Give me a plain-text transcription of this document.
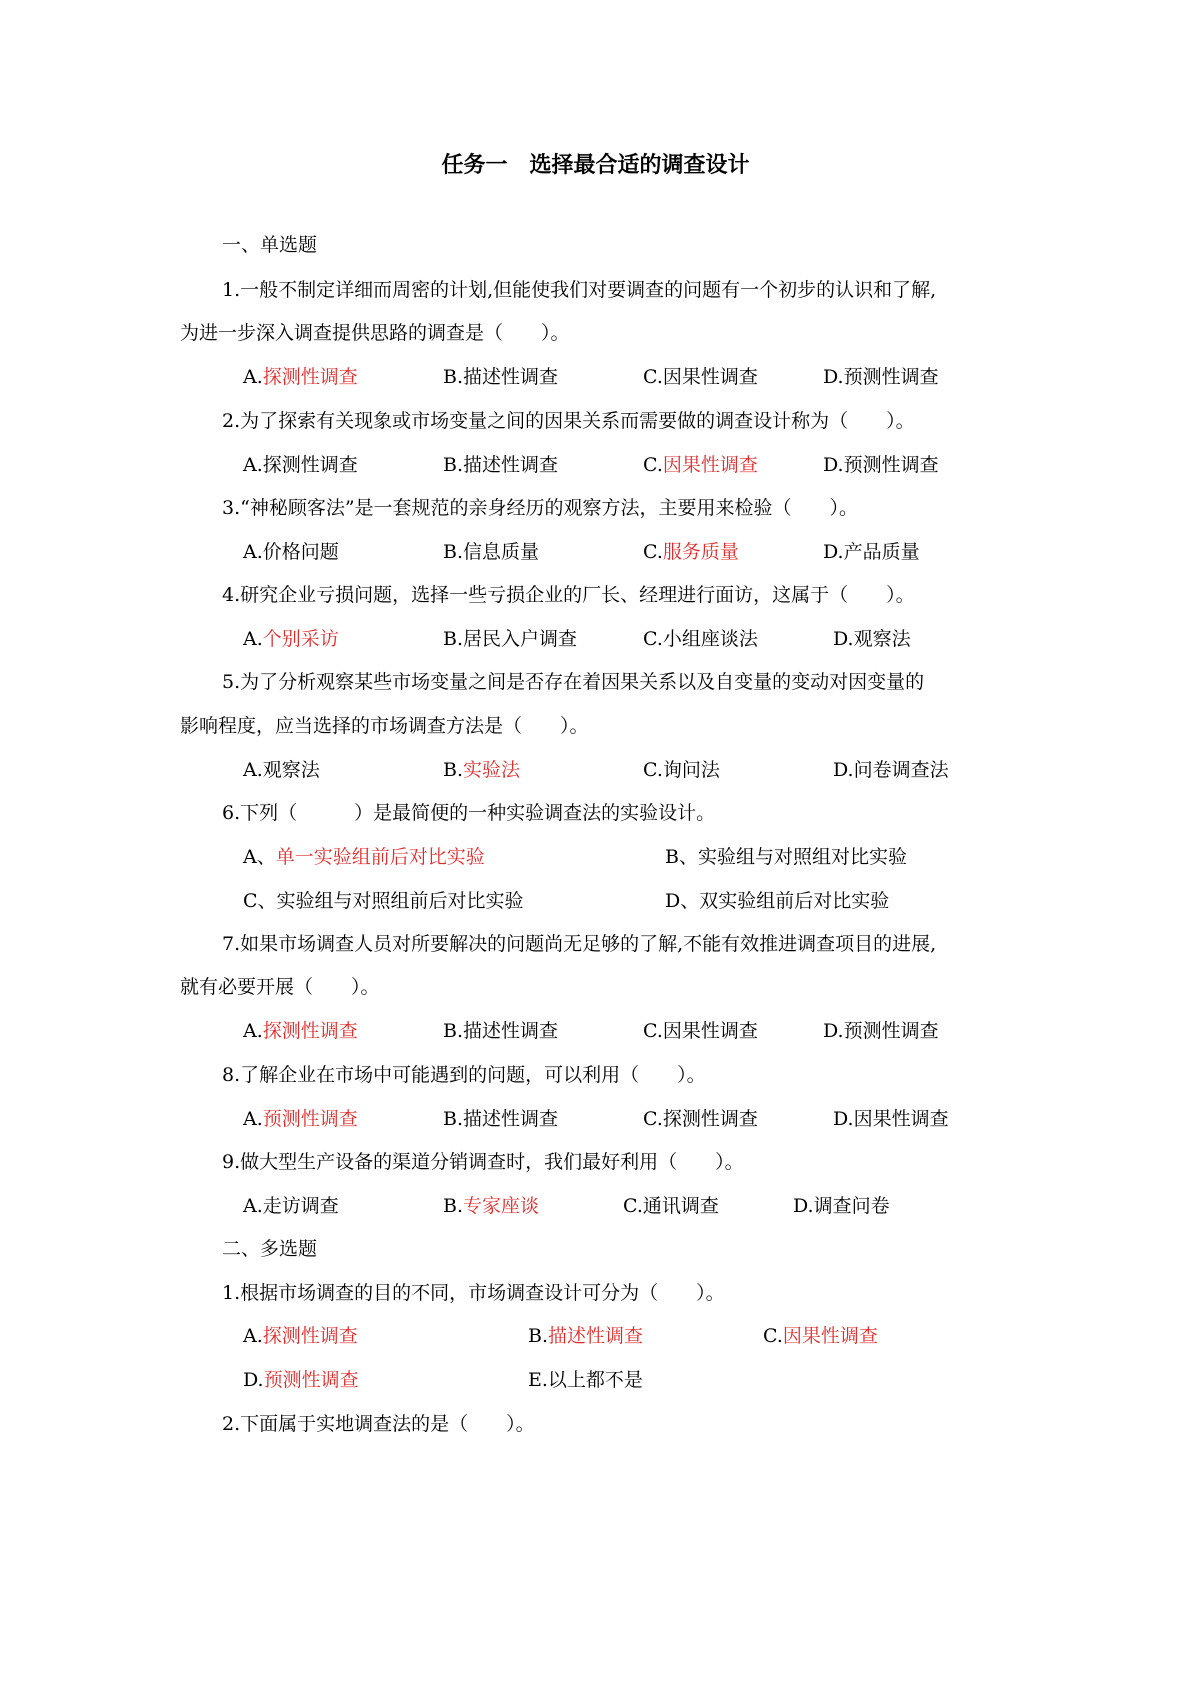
任务一　选择最合适的调查设计
一、单选题
1.一般不制定详细而周密的计划,但能使我们对要调查的问题有一个初步的认识和了解,
为进一步深入调查提供思路的调查是（　　）。
A.探测性调查	B.描述性调查	C.因果性调查	D.预测性调查
2.为了探索有关现象或市场变量之间的因果关系而需要做的调查设计称为（　　）。
A.探测性调查	B.描述性调查	C.因果性调查	D.预测性调查
3.“神秘顾客法”是一套规范的亲身经历的观察方法，主要用来检验（　　）。
A.价格问题	B.信息质量	C.服务质量	D.产品质量
4.研究企业亏损问题，选择一些亏损企业的厂长、经理进行面访，这属于（　　）。
A.个别采访	B.居民入户调查	C.小组座谈法	D.观察法
5.为了分析观察某些市场变量之间是否存在着因果关系以及自变量的变动对因变量的
影响程度，应当选择的市场调查方法是（　　）。
A.观察法	B.实验法	C.询问法	D.问卷调查法
6.下列（　　　）是最简便的一种实验调查法的实验设计。
A、单一实验组前后对比实验	B、实验组与对照组对比实验
C、实验组与对照组前后对比实验	D、双实验组前后对比实验
7.如果市场调查人员对所要解决的问题尚无足够的了解,不能有效推进调查项目的进展,
就有必要开展（　　）。
A.探测性调查	B.描述性调查	C.因果性调查	D.预测性调查
8.了解企业在市场中可能遇到的问题，可以利用（　　）。
A.预测性调查	B.描述性调查	C.探测性调查	D.因果性调查
9.做大型生产设备的渠道分销调查时，我们最好利用（　　）。
A.走访调查	B.专家座谈	C.通讯调查	D.调查问卷
二、多选题
1.根据市场调查的目的不同，市场调查设计可分为（　　）。
A.探测性调查	B.描述性调查	C.因果性调查
D.预测性调查	E.以上都不是
2.下面属于实地调查法的是（　　）。
